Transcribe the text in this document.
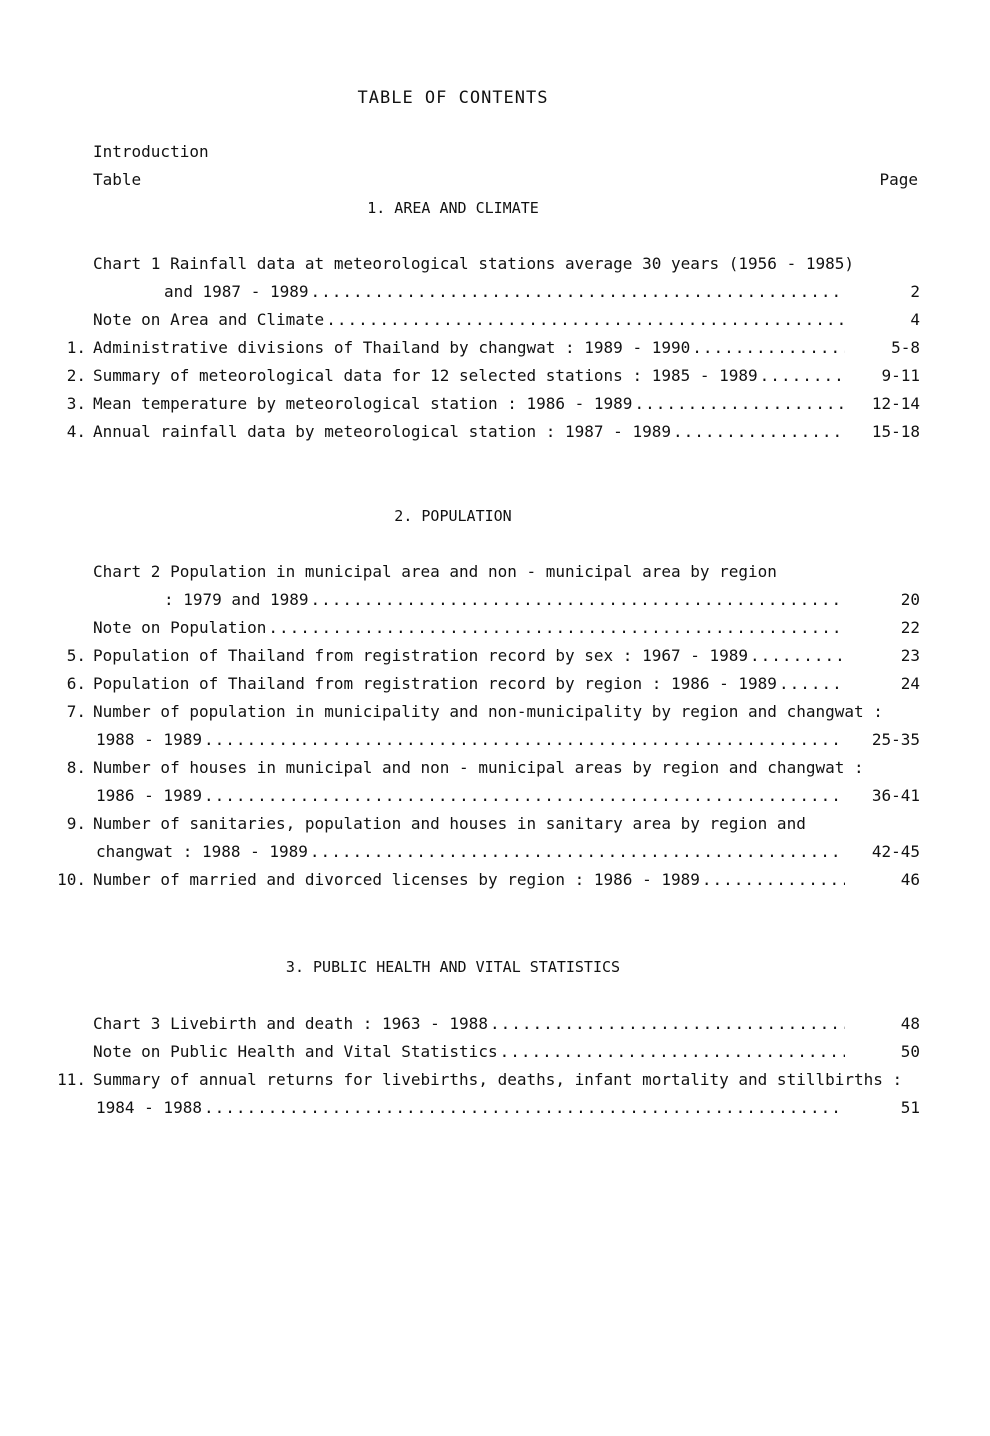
TABLE OF CONTENTS
Introduction
Table	Page
1. AREA AND CLIMATE
Chart 1 Rainfall data at meteorological stations average 30 years (1956 - 1985)
and 1987 - 1989 .....	2
Note on Area and Climate .....	4
1. Administrative divisions of Thailand by changwat : 1989 - 1990 .....	5-8
2. Summary of meteorological data for 12 selected stations : 1985 - 1989 .....	9-11
3. Mean temperature by meteorological station : 1986 - 1989 .....	12-14
4. Annual rainfall data by meteorological station : 1987 - 1989 .....	15-18
2. POPULATION
Chart 2 Population in municipal area and non - municipal area by region
: 1979 and 1989 .....	20
Note on Population .....	22
5. Population of Thailand from registration record by sex : 1967 - 1989 .....	23
6. Population of Thailand from registration record by region : 1986 - 1989 .....	24
7. Number of population in municipality and non-municipality by region and changwat :
1988 - 1989 .....	25-35
8. Number of houses in municipal and non - municipal areas by region and changwat :
1986 - 1989 .....	36-41
9. Number of sanitaries, population and houses in sanitary area by region and
changwat : 1988 - 1989 .....	42-45
10. Number of married and divorced licenses by region : 1986 - 1989 .....	46
3. PUBLIC HEALTH AND VITAL STATISTICS
Chart 3 Livebirth and death : 1963 - 1988 .....	48
Note on Public Health and Vital Statistics .....	50
11. Summary of annual returns for livebirths, deaths, infant mortality and stillbirths :
1984 - 1988 .....	51
